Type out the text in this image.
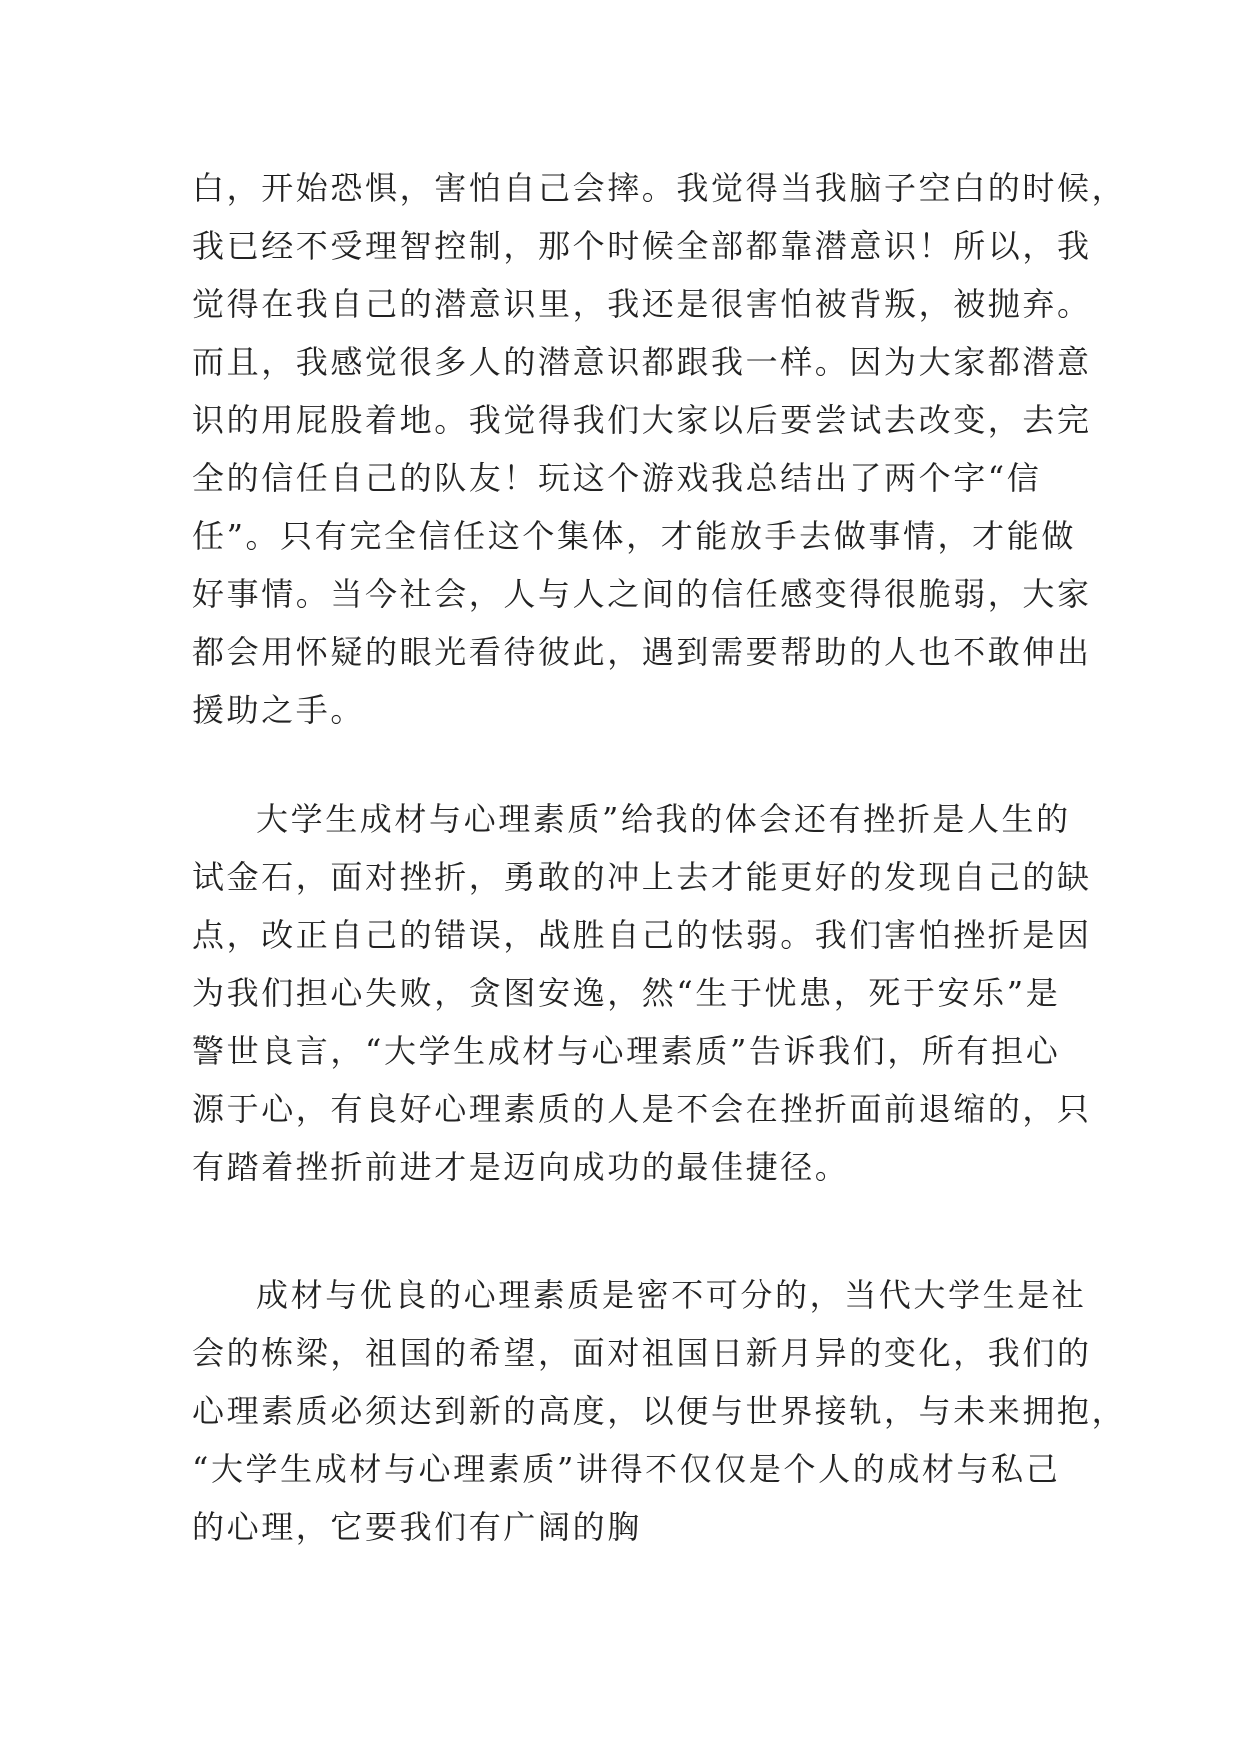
白，开始恐惧，害怕自己会摔。我觉得当我脑子空白的时候，
我已经不受理智控制，那个时候全部都靠潜意识！所以，我
觉得在我自己的潜意识里，我还是很害怕被背叛，被抛弃。
而且，我感觉很多人的潜意识都跟我一样。因为大家都潜意
识的用屁股着地。我觉得我们大家以后要尝试去改变，去完
全的信任自己的队友！玩这个游戏我总结出了两个字“信
任”。只有完全信任这个集体，才能放手去做事情，才能做
好事情。当今社会，人与人之间的信任感变得很脆弱，大家
都会用怀疑的眼光看待彼此，遇到需要帮助的人也不敢伸出
援助之手。
大学生成材与心理素质”给我的体会还有挫折是人生的
试金石，面对挫折，勇敢的冲上去才能更好的发现自己的缺
点，改正自己的错误，战胜自己的怯弱。我们害怕挫折是因
为我们担心失败，贪图安逸，然“生于忧患，死于安乐”是
警世良言，“大学生成材与心理素质”告诉我们，所有担心
源于心，有良好心理素质的人是不会在挫折面前退缩的，只
有踏着挫折前进才是迈向成功的最佳捷径。
成材与优良的心理素质是密不可分的，当代大学生是社
会的栋梁，祖国的希望，面对祖国日新月异的变化，我们的
心理素质必须达到新的高度，以便与世界接轨，与未来拥抱，
“大学生成材与心理素质”讲得不仅仅是个人的成材与私己
的心理，它要我们有广阔的胸
